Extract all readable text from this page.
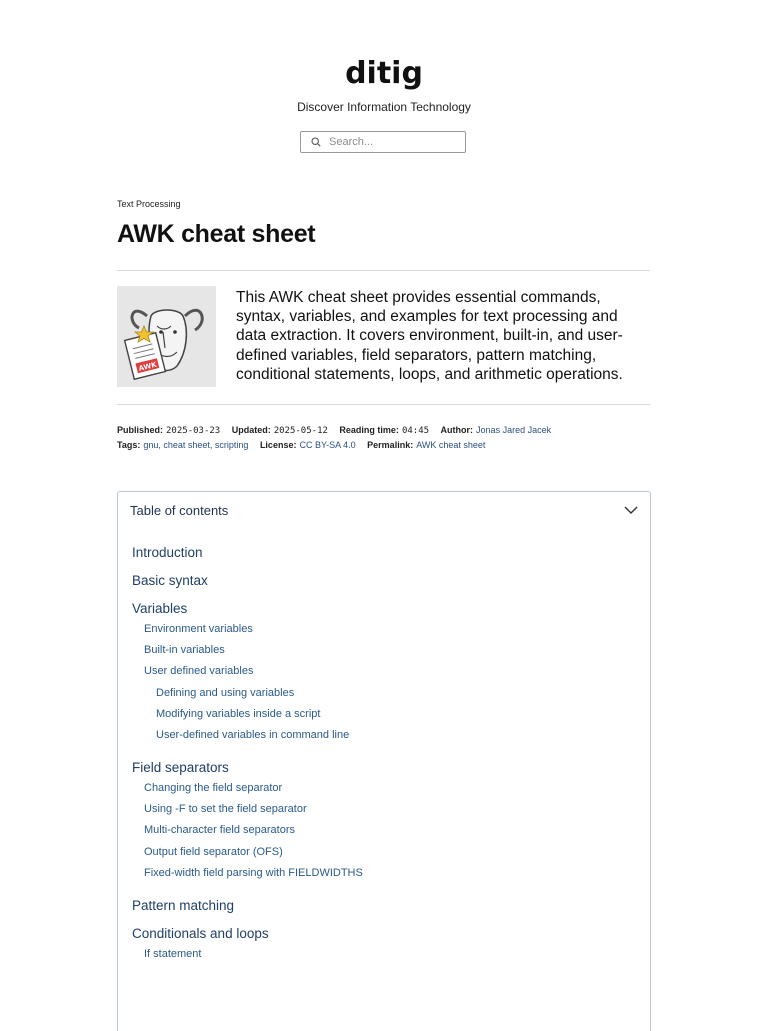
ditig
Discover Information Technology
Search...
Text Processing
AWK cheat sheet
AWK

This AWK cheat sheet provides essential commands, syntax, variables, and examples for text processing and data extraction. It covers environment, built-in, and user-defined variables, field separators, pattern matching, conditional statements, loops, and arithmetic operations.

Published: 2025-03-23 Updated: 2025-05-12 Reading time: 04:45 Author: Jonas Jared Jacek
Tags: gnu, cheat sheet, scripting License: CC BY-SA 4.0 Permalink: AWK cheat sheet
Table of contents
Introduction
Basic syntax
Variables
Environment variables
Built-in variables
User defined variables
Defining and using variables
Modifying variables inside a script
User-defined variables in command line
Field separators
Changing the field separator
Using -F to set the field separator
Multi-character field separators
Output field separator (OFS)
Fixed-width field parsing with FIELDWIDTHS
Pattern matching
Conditionals and loops
If statement
